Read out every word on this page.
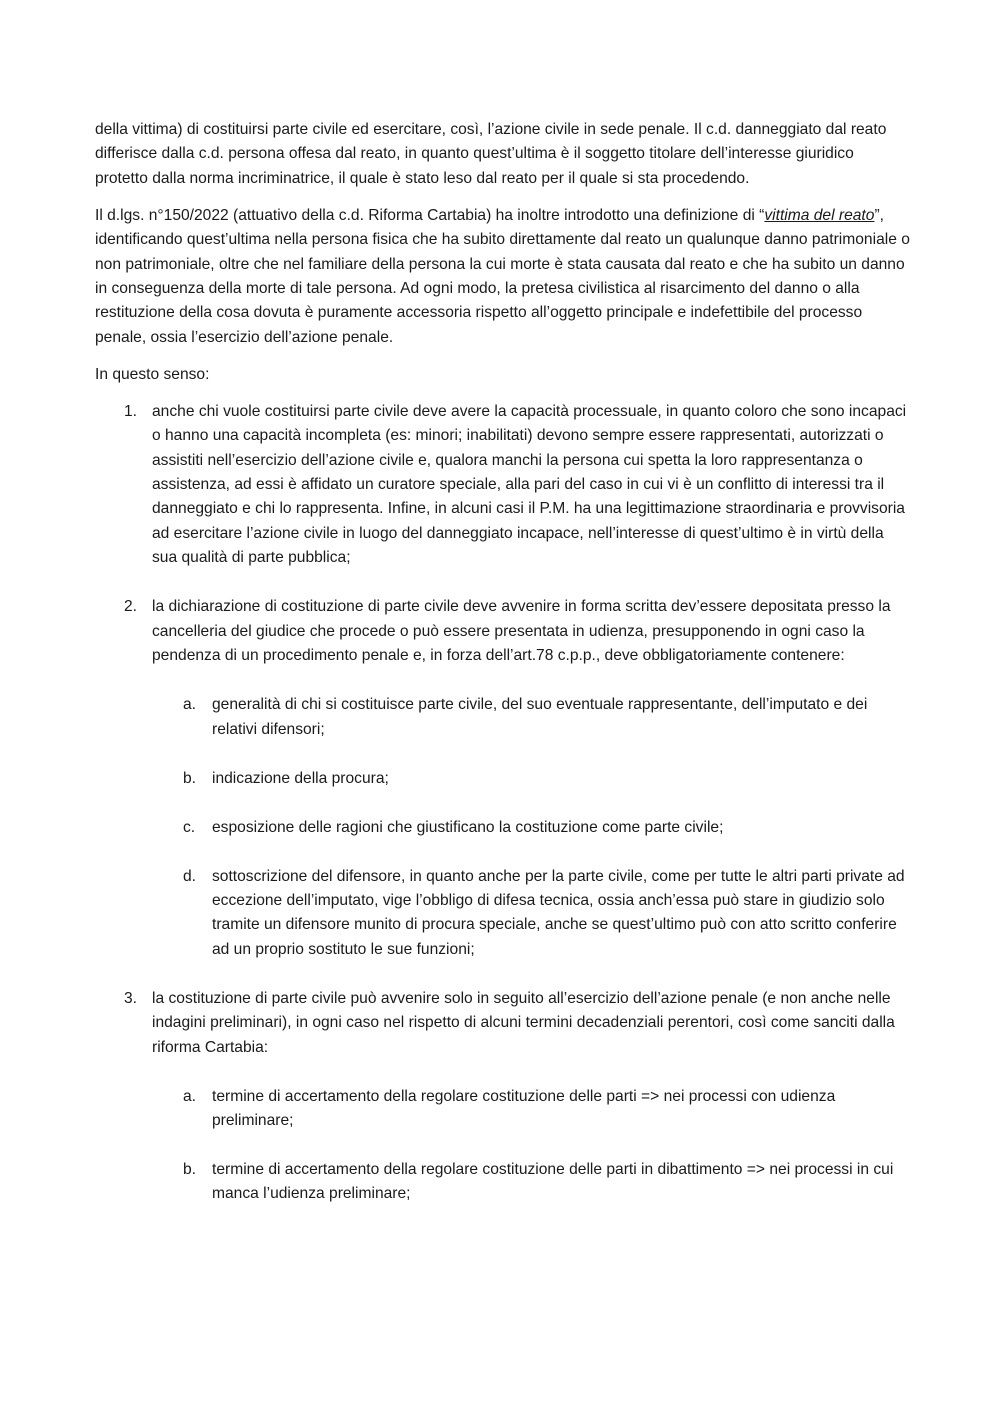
della vittima) di costituirsi parte civile ed esercitare, così, l’azione civile in sede penale. Il c.d. danneggiato dal reato differisce dalla c.d. persona offesa dal reato, in quanto quest’ultima è il soggetto titolare dell’interesse giuridico protetto dalla norma incriminatrice, il quale è stato leso dal reato per il quale si sta procedendo.

Il d.lgs. n°150/2022 (attuativo della c.d. Riforma Cartabia) ha inoltre introdotto una definizione di “vittima del reato”, identificando quest’ultima nella persona fisica che ha subito direttamente dal reato un qualunque danno patrimoniale o non patrimoniale, oltre che nel familiare della persona la cui morte è stata causata dal reato e che ha subito un danno in conseguenza della morte di tale persona. Ad ogni modo, la pretesa civilistica al risarcimento del danno o alla restituzione della cosa dovuta è puramente accessoria rispetto all’oggetto principale e indefettibile del processo penale, ossia l’esercizio dell’azione penale.

In questo senso:

1. anche chi vuole costituirsi parte civile deve avere la capacità processuale, in quanto coloro che sono incapaci o hanno una capacità incompleta (es: minori; inabilitati) devono sempre essere rappresentati, autorizzati o assistiti nell’esercizio dell’azione civile e, qualora manchi la persona cui spetta la loro rappresentanza o assistenza, ad essi è affidato un curatore speciale, alla pari del caso in cui vi è un conflitto di interessi tra il danneggiato e chi lo rappresenta. Infine, in alcuni casi il P.M. ha una legittimazione straordinaria e provvisoria ad esercitare l’azione civile in luogo del danneggiato incapace, nell’interesse di quest’ultimo è in virtù della sua qualità di parte pubblica;
2. la dichiarazione di costituzione di parte civile deve avvenire in forma scritta dev’essere depositata presso la cancelleria del giudice che procede o può essere presentata in udienza, presupponendo in ogni caso la pendenza di un procedimento penale e, in forza dell’art.78 c.p.p., deve obbligatoriamente contenere:
a.	generalità di chi si costituisce parte civile, del suo eventuale rappresentante, dell’imputato e dei relativi difensori;
b.	indicazione della procura;
c.	esposizione delle ragioni che giustificano la costituzione come parte civile;
d.	sottoscrizione del difensore, in quanto anche per la parte civile, come per tutte le altri parti private ad eccezione dell’imputato, vige l’obbligo di difesa tecnica, ossia anch’essa può stare in giudizio solo tramite un difensore munito di procura speciale, anche se quest’ultimo può con atto scritto conferire ad un proprio sostituto le sue funzioni;
3. la costituzione di parte civile può avvenire solo in seguito all’esercizio dell’azione penale (e non anche nelle indagini preliminari), in ogni caso nel rispetto di alcuni termini decadenziali perentori, così come sanciti dalla riforma Cartabia:
a.	termine di accertamento della regolare costituzione delle parti => nei processi con udienza preliminare;
b.	termine di accertamento della regolare costituzione delle parti in dibattimento => nei processi in cui manca l’udienza preliminare;
